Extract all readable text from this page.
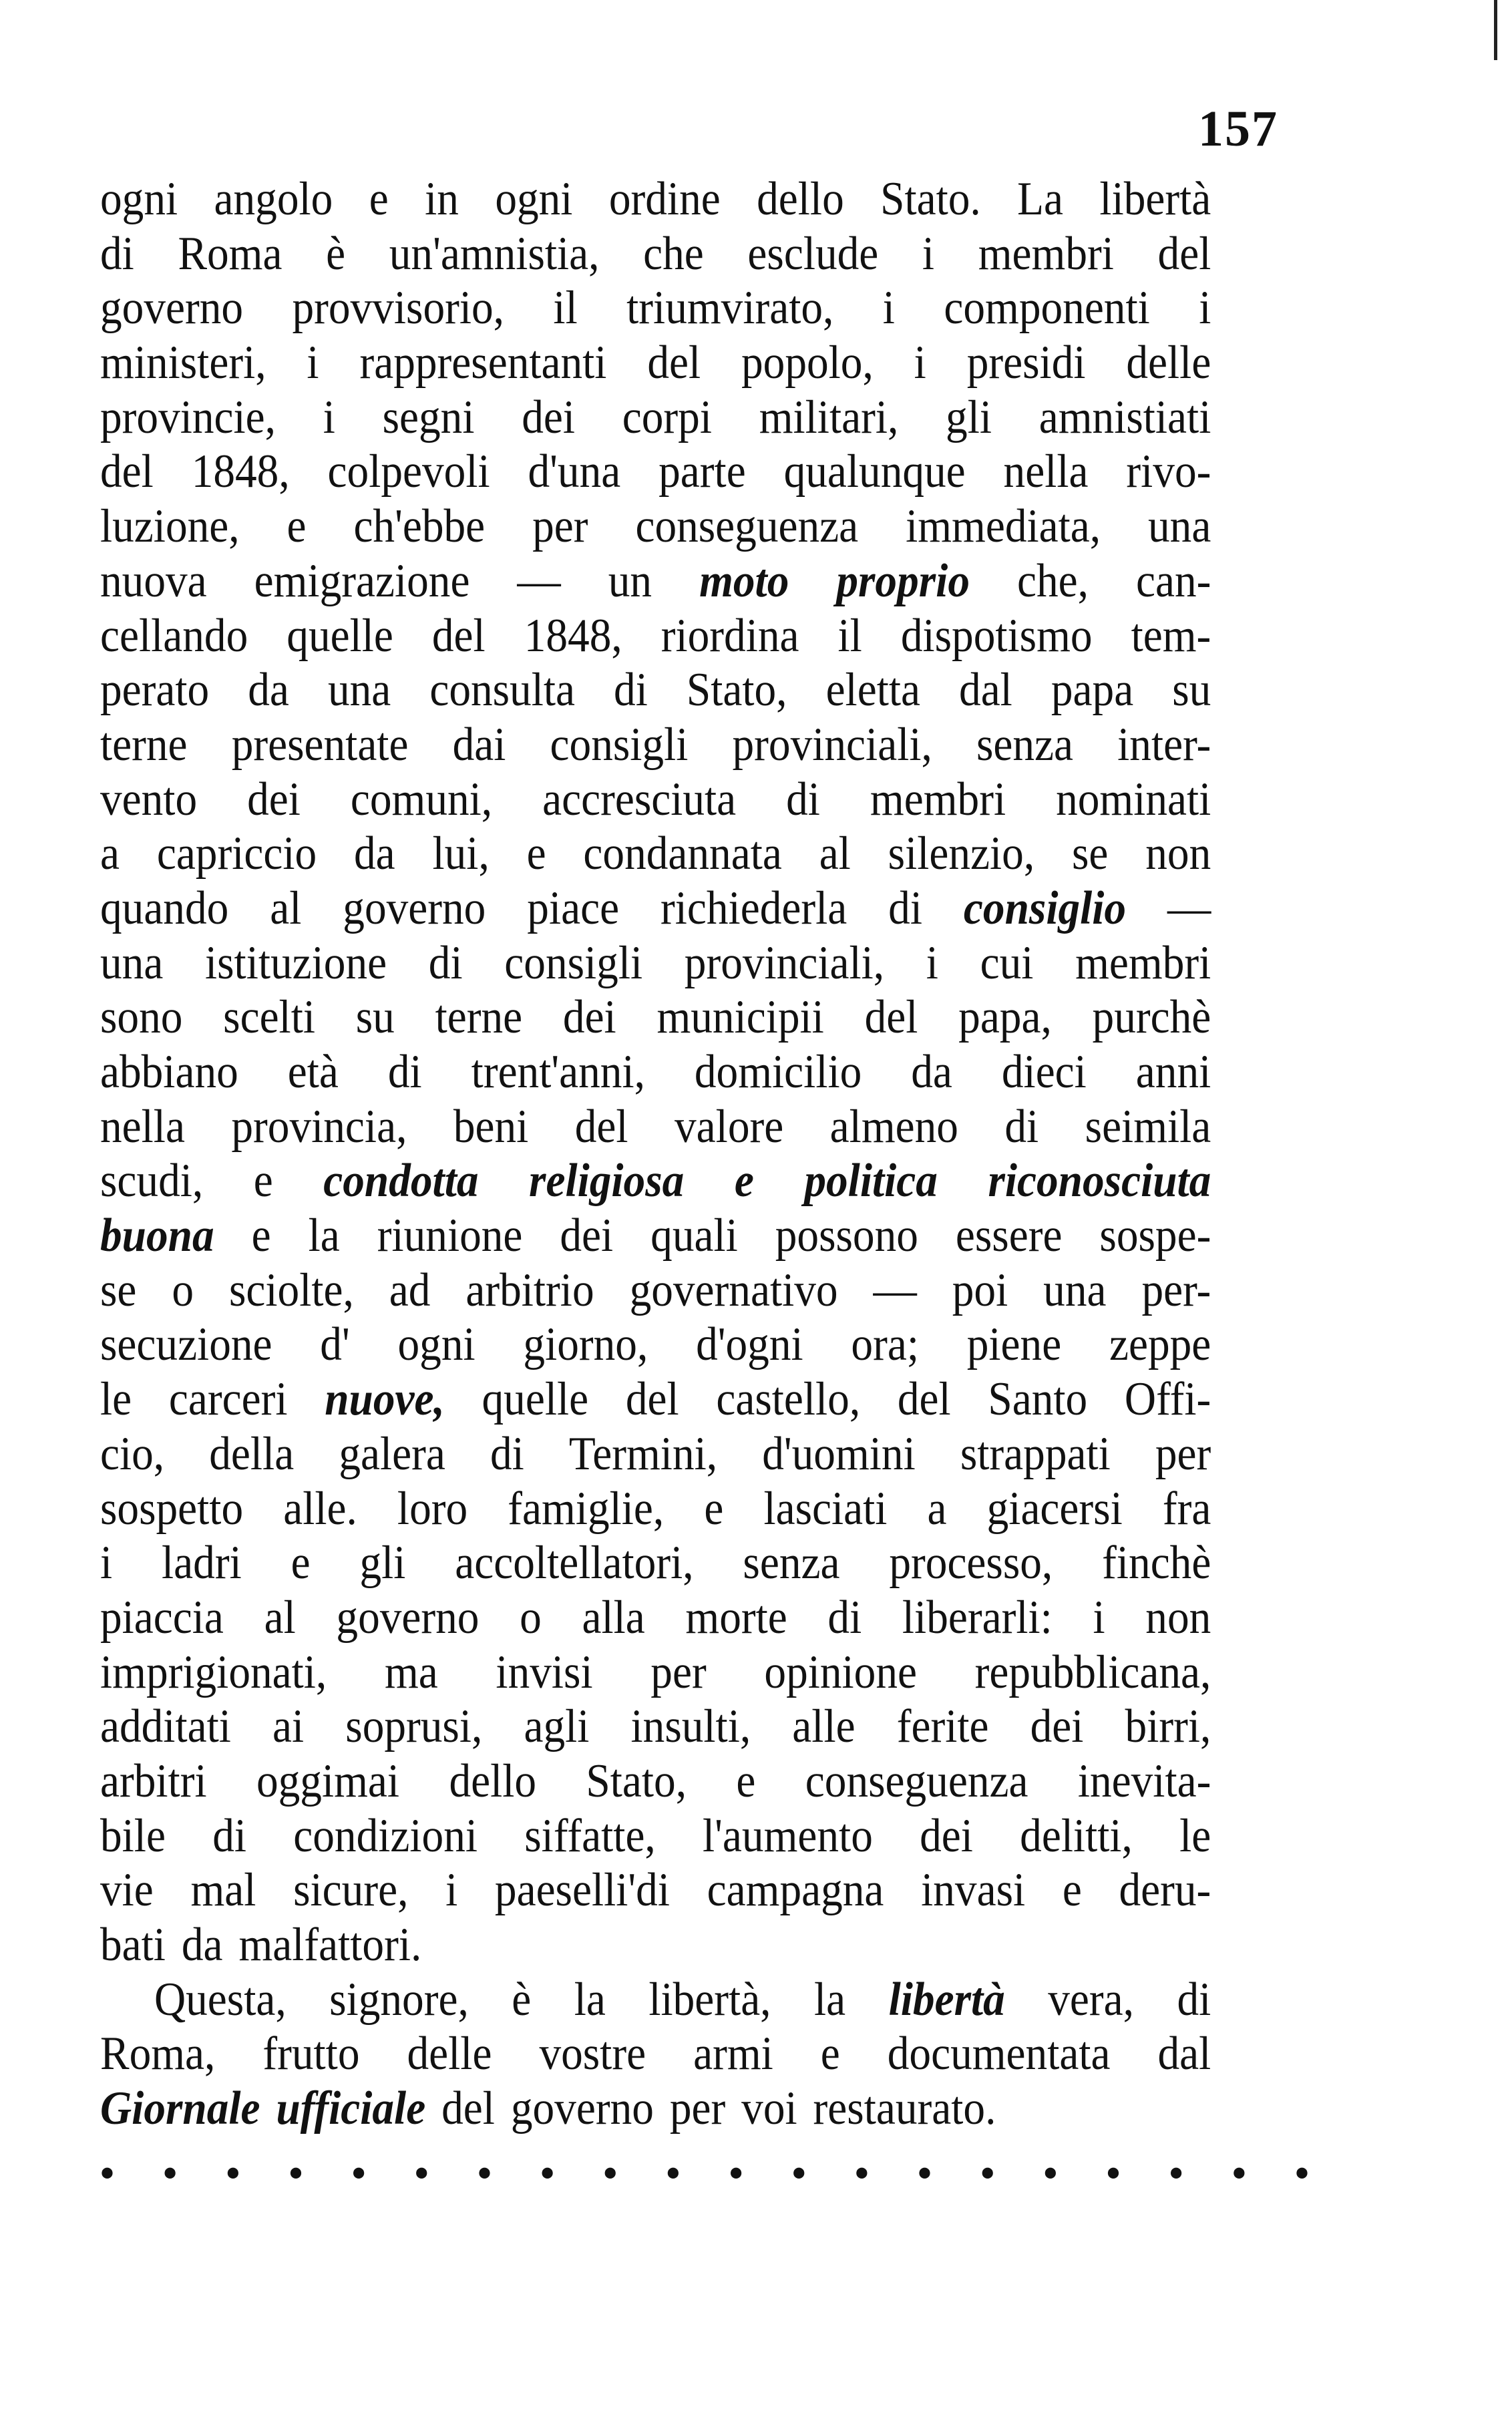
157
ogni angolo e in ogni ordine dello Stato. La libertà
di Roma è un'amnistia, che esclude i membri del
governo provvisorio, il triumvirato, i componenti i
ministeri, i rappresentanti del popolo, i presidi delle
provincie, i segni dei corpi militari, gli amnistiati
del 1848, colpevoli d'una parte qualunque nella rivo-
luzione, e ch'ebbe per conseguenza immediata, una
nuova emigrazione — un moto proprio che, can-
cellando quelle del 1848, riordina il dispotismo tem-
perato da una consulta di Stato, eletta dal papa su
terne presentate dai consigli provinciali, senza inter-
vento dei comuni, accresciuta di membri nominati
a capriccio da lui, e condannata al silenzio, se non
quando al governo piace richiederla di consiglio —
una istituzione di consigli provinciali, i cui membri
sono scelti su terne dei municipii del papa, purchè
abbiano età di trent'anni, domicilio da dieci anni
nella provincia, beni del valore almeno di seimila
scudi, e condotta religiosa e politica riconosciuta
buona e la riunione dei quali possono essere sospe-
se o sciolte, ad arbitrio governativo — poi una per-
secuzione d' ogni giorno, d'ogni ora; piene zeppe
le carceri nuove, quelle del castello, del Santo Offi-
cio, della galera di Termini, d'uomini strappati per
sospetto alle. loro famiglie, e lasciati a giacersi fra
i ladri e gli accoltellatori, senza processo, finchè
piaccia al governo o alla morte di liberarli: i non
imprigionati, ma invisi per opinione repubblicana,
additati ai soprusi, agli insulti, alle ferite dei birri,
arbitri oggimai dello Stato, e conseguenza inevita-
bile di condizioni siffatte, l'aumento dei delitti, le
vie mal sicure, i paeselli'di campagna invasi e deru-
bati da malfattori.
Questa, signore, è la libertà, la libertà vera, di
Roma, frutto delle vostre armi e documentata dal
Giornale ufficiale del governo per voi restaurato.
• • • • • • • • • • • • • • • • • • • •
